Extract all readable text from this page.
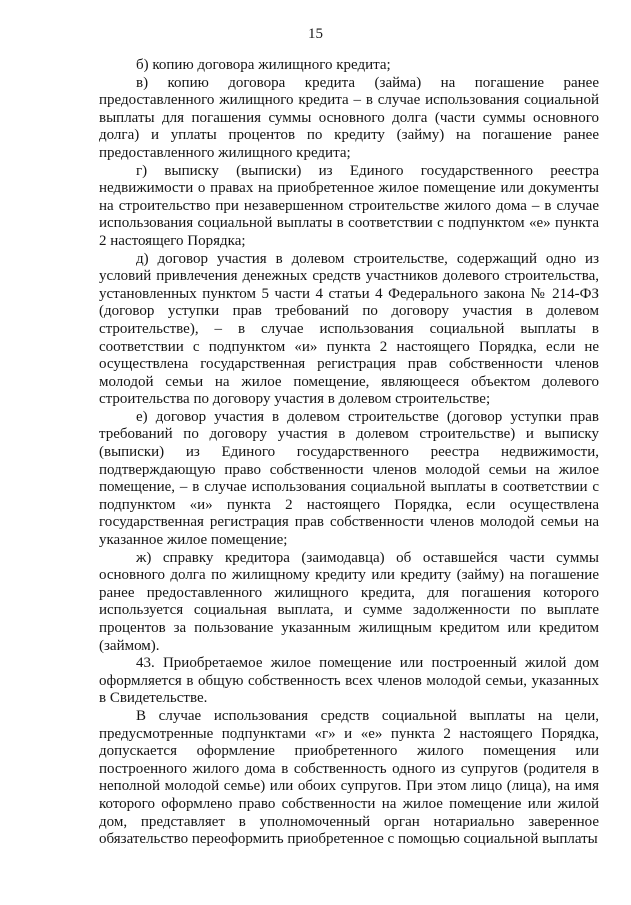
15

б) копию договора жилищного кредита;

в) копию договора кредита (займа) на погашение ранее предоставленного жилищного кредита – в случае использования социальной выплаты для погашения суммы основного долга (части суммы основного долга) и уплаты процентов по кредиту (займу) на погашение ранее предоставленного жилищного кредита;

г) выписку (выписки) из Единого государственного реестра недвижимости о правах на приобретенное жилое помещение или документы на строительство при незавершенном строительстве жилого дома – в случае использования социальной выплаты в соответствии с подпунктом «е» пункта 2 настоящего Порядка;

д) договор участия в долевом строительстве, содержащий одно из условий привлечения денежных средств участников долевого строительства, установленных пунктом 5 части 4 статьи 4 Федерального закона № 214-ФЗ (договор уступки прав требований по договору участия в долевом строительстве), – в случае использования социальной выплаты в соответствии с подпунктом «и» пункта 2 настоящего Порядка, если не осуществлена государственная регистрация прав собственности членов молодой семьи на жилое помещение, являющееся объектом долевого строительства по договору участия в долевом строительстве;

е) договор участия в долевом строительстве (договор уступки прав требований по договору участия в долевом строительстве) и выписку (выписки) из Единого государственного реестра недвижимости, подтверждающую право собственности членов молодой семьи на жилое помещение, – в случае использования социальной выплаты в соответствии с подпунктом «и» пункта 2 настоящего Порядка, если осуществлена государственная регистрация прав собственности членов молодой семьи на указанное жилое помещение;

ж) справку кредитора (заимодавца) об оставшейся части суммы основного долга по жилищному кредиту или кредиту (займу) на погашение ранее предоставленного жилищного кредита, для погашения которого используется социальная выплата, и сумме задолженности по выплате процентов за пользование указанным жилищным кредитом или кредитом (займом).

43. Приобретаемое жилое помещение или построенный жилой дом оформляется в общую собственность всех членов молодой семьи, указанных в Свидетельстве.

В случае использования средств социальной выплаты на цели, предусмотренные подпунктами «г» и «е» пункта 2 настоящего Порядка, допускается оформление приобретенного жилого помещения или построенного жилого дома в собственность одного из супругов (родителя в неполной молодой семье) или обоих супругов. При этом лицо (лица), на имя которого оформлено право собственности на жилое помещение или жилой дом, представляет в уполномоченный орган нотариально заверенное обязательство переоформить приобретенное с помощью социальной выплаты
